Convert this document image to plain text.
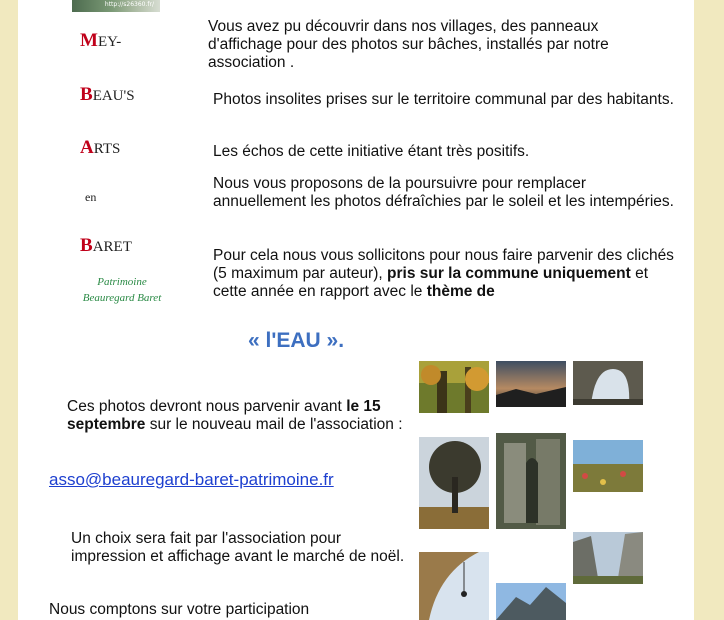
http://s26360.fr/
MEY-
BEAU'S
ARTS
en
BARET
Patrimoine
Beauregard Baret
Vous avez pu découvrir dans nos villages, des panneaux d'affichage pour des photos sur bâches, installés par notre association .
Photos insolites prises sur le territoire communal par des habitants.
Les échos de cette initiative étant très positifs.
Nous vous proposons de la poursuivre pour remplacer annuellement les photos défraîchies par le soleil et les intempéries.
Pour cela nous vous sollicitons pour nous faire parvenir des clichés (5 maximum par auteur), pris sur la commune uniquement et cette année en rapport avec le thème de
« l'EAU ».
Ces photos devront nous parvenir avant le 15 septembre sur le nouveau mail de l'association :
asso@beauregard-baret-patrimoine.fr
Un choix sera fait par l'association pour impression et affichage avant le marché de noël.
Nous comptons sur votre participation
